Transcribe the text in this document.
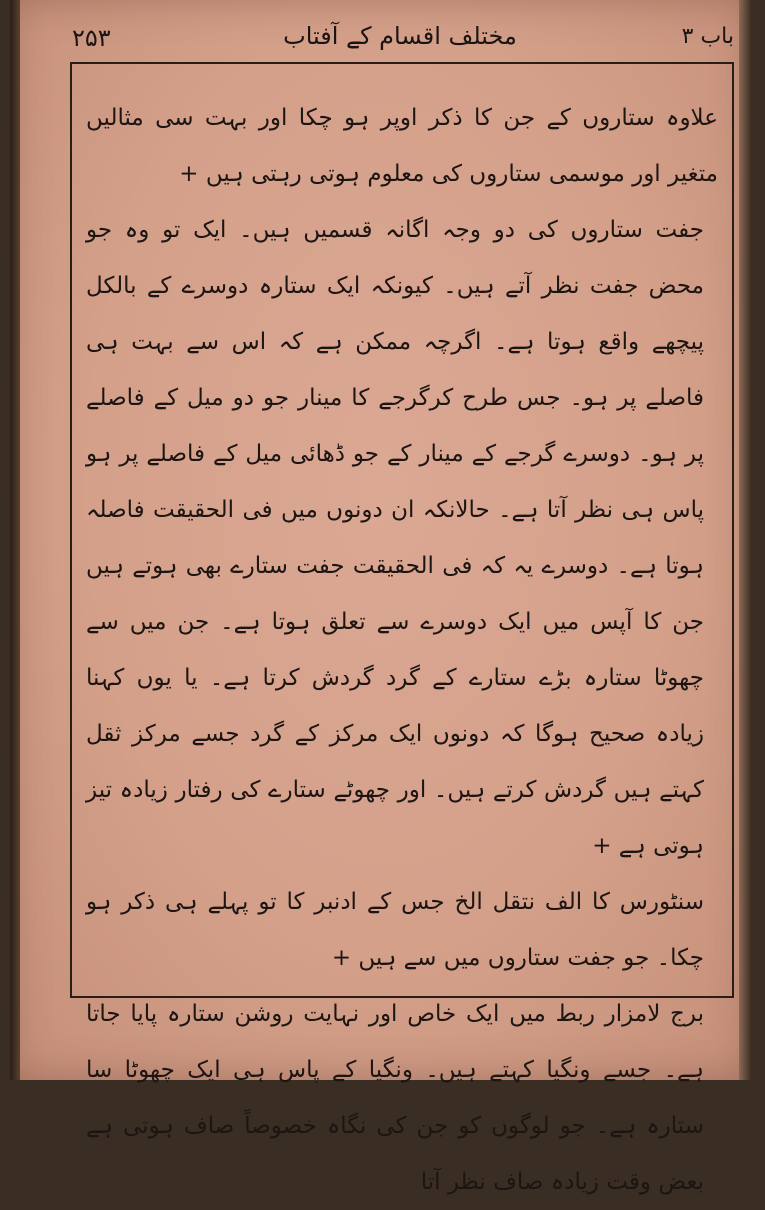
۲۵۳	مختلف اقسام کے آفتاب	باب ۳

علاوہ ستاروں کے جن کا ذکر اوپر ہو چکا اور بہت سی مثالیں متغیر اور موسمی ستاروں کی معلوم ہوتی رہتی ہیں +

جفت ستاروں کی دو وجہ اگانہ قسمیں ہیں۔ ایک تو وہ جو محض جفت نظر آتے ہیں۔ کیونکہ ایک ستارہ دوسرے کے بالکل پیچھے واقع ہوتا ہے۔ اگرچہ ممکن ہے کہ اس سے بہت ہی فاصلے پر ہو۔ جس طرح کرگرجے کا مینار جو دو میل کے فاصلے پر ہو۔ دوسرے گرجے کے مینار کے جو ڈھائی میل کے فاصلے پر ہو پاس ہی نظر آتا ہے۔ حالانکہ ان دونوں میں فی الحقیقت فاصلہ ہوتا ہے۔ دوسرے یہ کہ فی الحقیقت جفت ستارے بھی ہوتے ہیں جن کا آپس میں ایک دوسرے سے تعلق ہوتا ہے۔ جن میں سے چھوٹا ستارہ بڑے ستارے کے گرد گردش کرتا ہے۔ یا یوں کہنا زیادہ صحیح ہوگا کہ دونوں ایک مرکز کے گرد جسے مرکز ثقل کہتے ہیں گردش کرتے ہیں۔ اور چھوٹے ستارے کی رفتار زیادہ تیز ہوتی ہے +

سنٹورس کا الف نتقل الخ جس کے ادنبر کا تو پہلے ہی ذکر ہو چکا۔ جو جفت ستاروں میں سے ہیں +

برج لامزار ربط میں ایک خاص اور نہایت روشن ستارہ پایا جاتا ہے۔ جسے ونگیا کہتے ہیں۔ ونگیا کے پاس ہی ایک چھوٹا سا ستارہ ہے۔ جو لوگوں کو جن کی نگاہ خصوصاً صاف ہوتی ہے بعض وقت زیادہ صاف نظر آتا
